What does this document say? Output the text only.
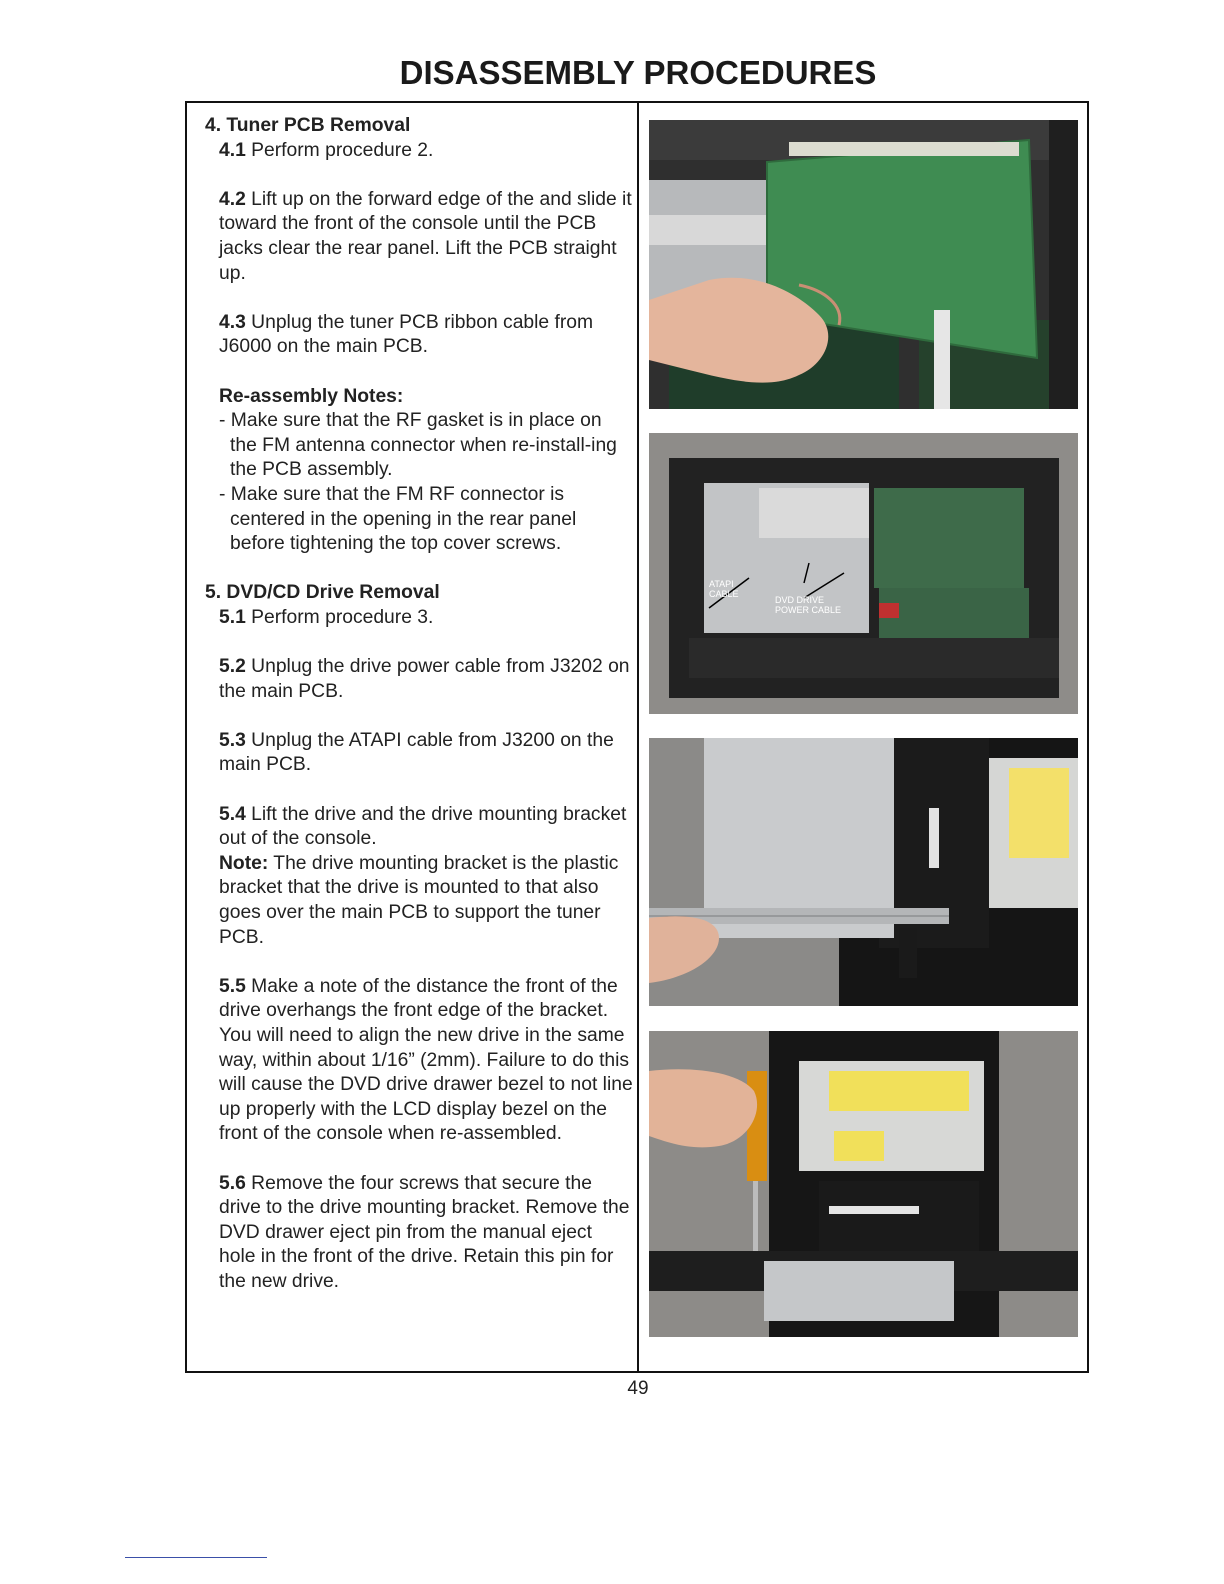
DISASSEMBLY PROCEDURES

4. Tuner PCB Removal

4.1 Perform procedure 2.

4.2 Lift up on the forward edge of the and slide it toward the front of the console until the PCB jacks clear the rear panel. Lift the PCB straight up.

4.3 Unplug the tuner PCB ribbon cable from J6000 on the main PCB.

Re-assembly Notes:

- Make sure that the RF gasket is in place on the FM antenna connector when re-install-ing the PCB assembly.

- Make sure that the FM RF connector is centered in the opening in the rear panel before tightening the top cover screws.

5. DVD/CD Drive Removal

5.1 Perform procedure 3.

5.2 Unplug the drive power cable from J3202 on the main PCB.

5.3 Unplug the ATAPI cable from J3200 on the main PCB.

5.4 Lift the drive and the drive mounting bracket out of the console.

Note: The drive mounting bracket is the plastic bracket that the drive is mounted to that also goes over the main PCB to support the tuner PCB.

5.5 Make a note of the distance the front of the drive overhangs the front edge of the bracket. You will need to align the new drive in the same way, within about 1/16” (2mm). Failure to do this will cause the DVD drive drawer bezel to not line up properly with the LCD display bezel on the front of the console when re-assembled.

5.6 Remove the four screws that secure the drive to the drive mounting bracket. Remove the DVD drawer eject pin from the manual eject hole in the front of the drive. Retain this pin for the new drive.

ATAPI
CABLE
DVD DRIVE
POWER CABLE
49
